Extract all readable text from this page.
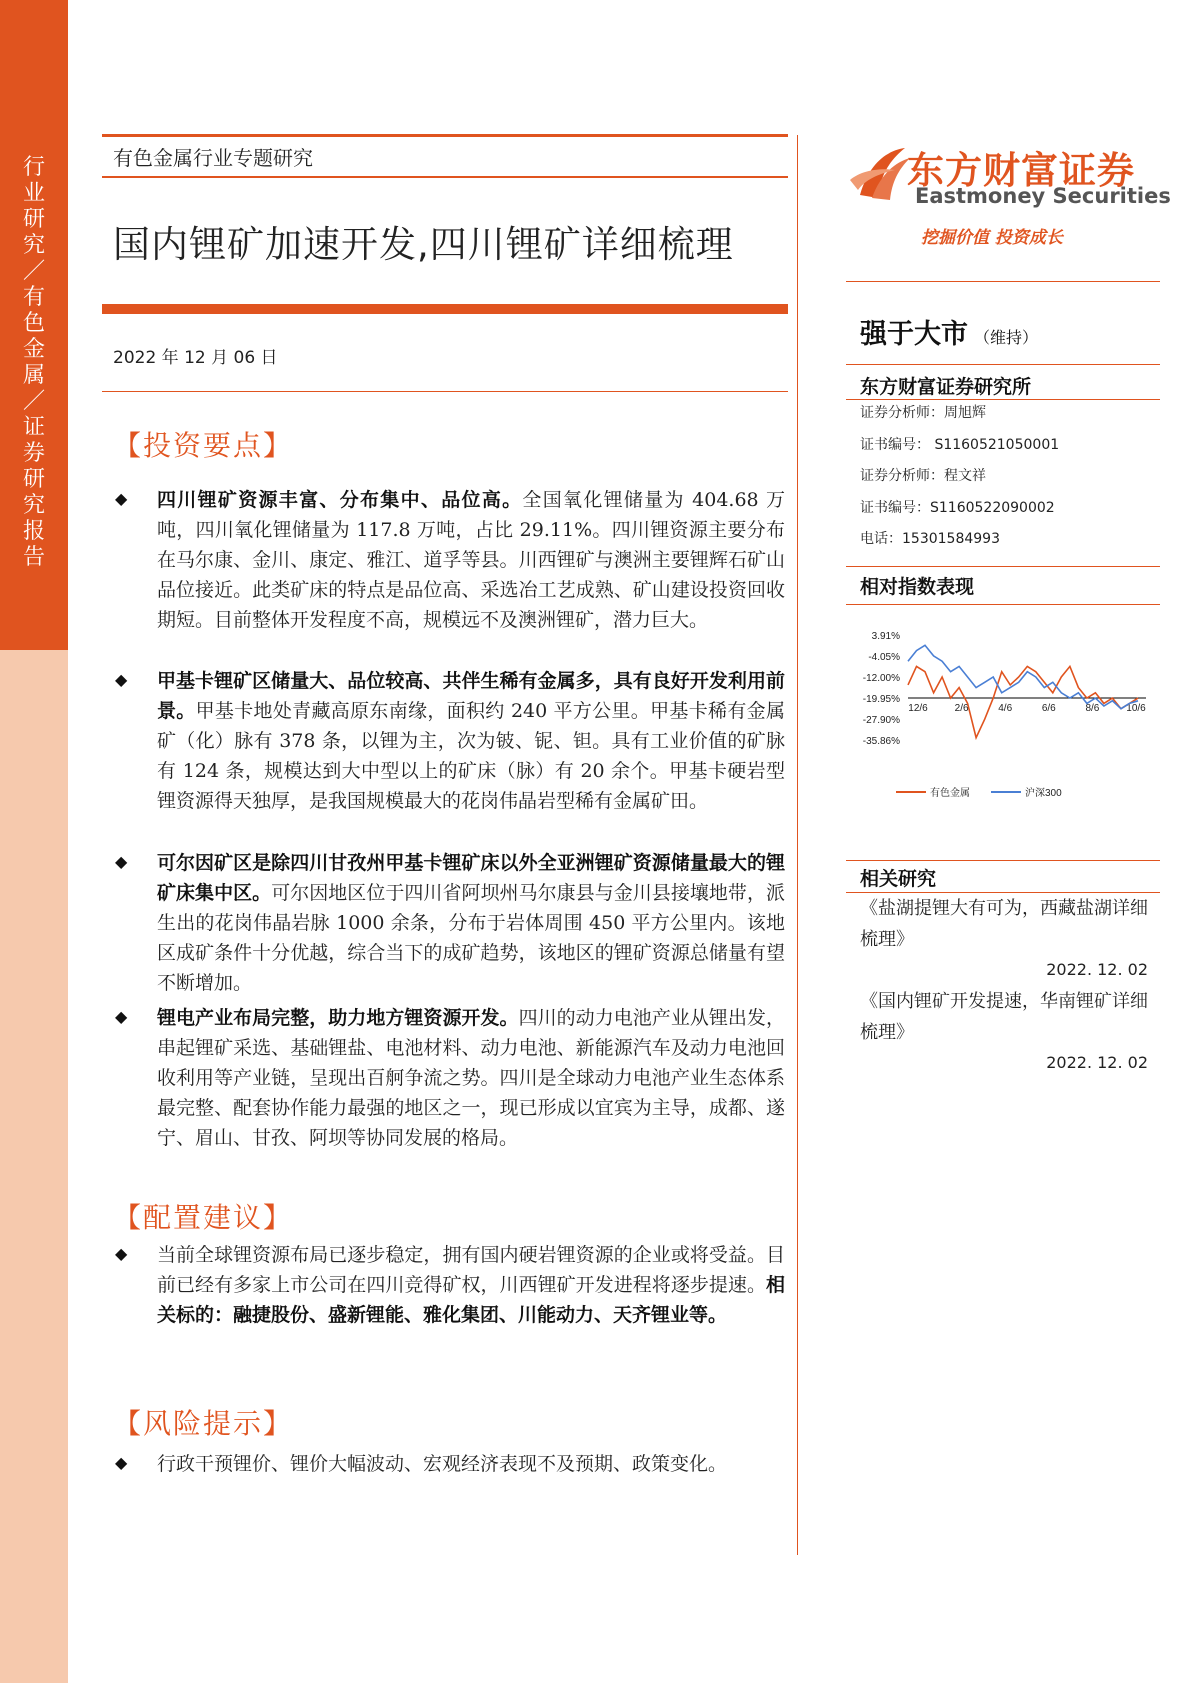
行业研究／有色金属／证券研究报告
有色金属行业专题研究
国内锂矿加速开发,四川锂矿详细梳理
2022 年 12 月 06 日
【投资要点】
◆ 四川锂矿资源丰富、分布集中、品位高。全国氧化锂储量为 404.68 万吨，四川氧化锂储量为 117.8 万吨，占比 29.11%。四川锂资源主要分布在马尔康、金川、康定、雅江、道孚等县。川西锂矿与澳洲主要锂辉石矿山品位接近。此类矿床的特点是品位高、采选冶工艺成熟、矿山建设投资回收期短。目前整体开发程度不高，规模远不及澳洲锂矿，潜力巨大。
◆ 甲基卡锂矿区储量大、品位较高、共伴生稀有金属多，具有良好开发利用前景。甲基卡地处青藏高原东南缘，面积约 240 平方公里。甲基卡稀有金属矿（化）脉有 378 条，以锂为主，次为铍、铌、钽。具有工业价值的矿脉有 124 条，规模达到大中型以上的矿床（脉）有 20 余个。甲基卡硬岩型锂资源得天独厚，是我国规模最大的花岗伟晶岩型稀有金属矿田。
◆ 可尔因矿区是除四川甘孜州甲基卡锂矿床以外全亚洲锂矿资源储量最大的锂矿床集中区。可尔因地区位于四川省阿坝州马尔康县与金川县接壤地带，派生出的花岗伟晶岩脉 1000 余条，分布于岩体周围 450 平方公里内。该地区成矿条件十分优越，综合当下的成矿趋势，该地区的锂矿资源总储量有望不断增加。
◆ 锂电产业布局完整，助力地方锂资源开发。四川的动力电池产业从锂出发，串起锂矿采选、基础锂盐、电池材料、动力电池、新能源汽车及动力电池回收利用等产业链，呈现出百舸争流之势。四川是全球动力电池产业生态体系最完整、配套协作能力最强的地区之一，现已形成以宜宾为主导，成都、遂宁、眉山、甘孜、阿坝等协同发展的格局。
【配置建议】
◆ 当前全球锂资源布局已逐步稳定，拥有国内硬岩锂资源的企业或将受益。目前已经有多家上市公司在四川竞得矿权，川西锂矿开发进程将逐步提速。相关标的：融捷股份、盛新锂能、雅化集团、川能动力、天齐锂业等。
【风险提示】
◆ 行政干预锂价、锂价大幅波动、宏观经济表现不及预期、政策变化。
东方财富证券
Eastmoney Securities
挖掘价值 投资成长
强于大市 （维持）
东方财富证券研究所
证券分析师：周旭辉
证书编号： S1160521050001
证券分析师：程文祥
证书编号：S1160522090002
电话：15301584993
相对指数表现
3.91%
-4.05%
-12.00%
-19.95%
-27.90%
-35.86%
12/6	2/6	4/6	6/6	8/6	10/6
有色金属	沪深300
相关研究
《盐湖提锂大有可为，西藏盐湖详细梳理》
2022. 12. 02
《国内锂矿开发提速，华南锂矿详细梳理》
2022. 12. 02
